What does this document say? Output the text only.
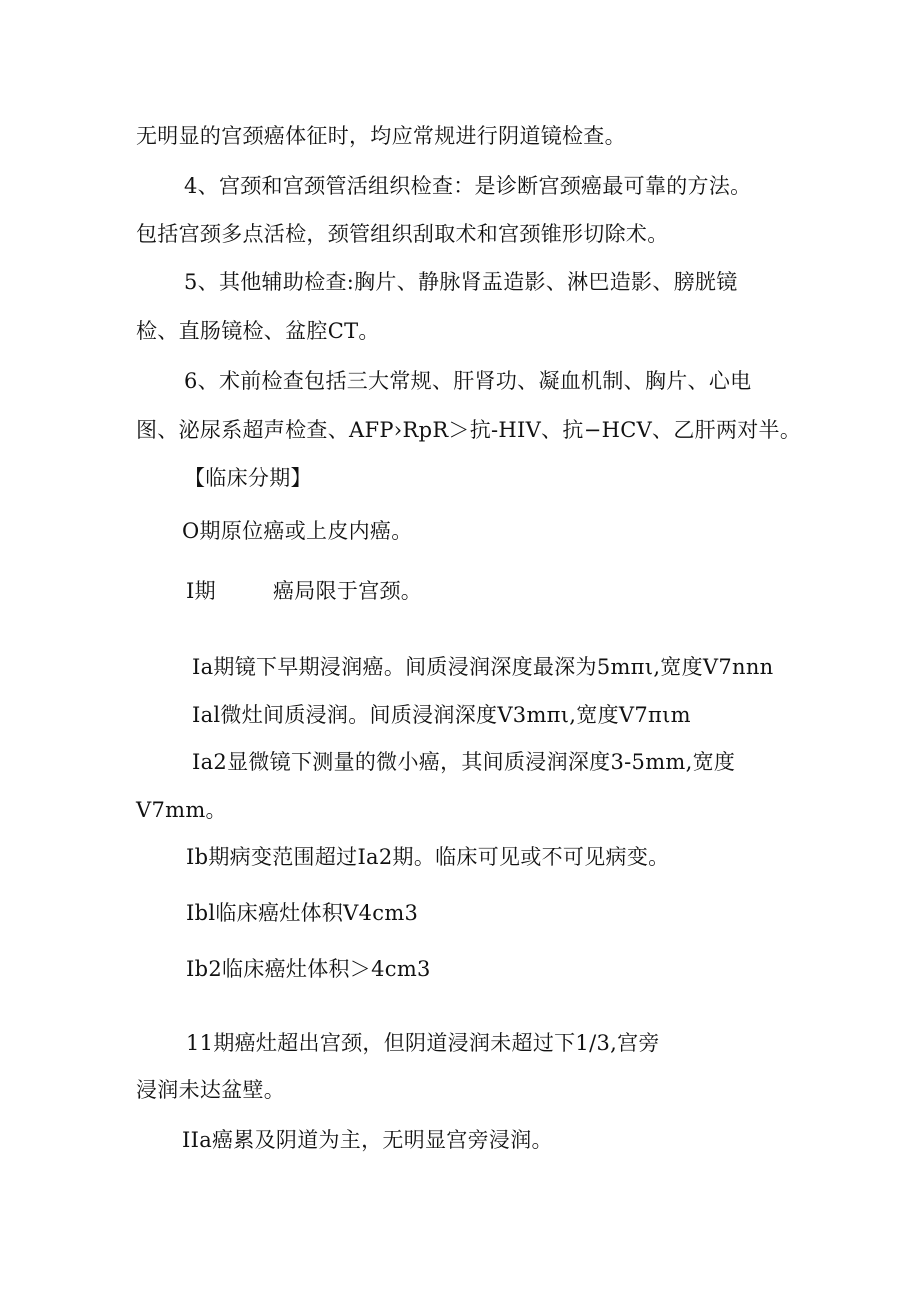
无明显的宫颈癌体征时，均应常规进行阴道镜检查。
4、宫颈和宫颈管活组织检查：是诊断宫颈癌最可靠的方法。
包括宫颈多点活检，颈管组织刮取术和宫颈锥形切除术。
5、其他辅助检查:胸片、静脉肾盂造影、淋巴造影、膀胱镜
检、直肠镜检、盆腔CT。
6、术前检查包括三大常规、肝肾功、凝血机制、胸片、心电
图、泌尿系超声检查、AFP›RpR＞抗-HIV、抗−HCV、乙肝两对半。
【临床分期】
O期原位癌或上皮内癌。
I期	癌局限于宫颈。
Ia期镜下早期浸润癌。间质浸润深度最深为5mπι,宽度V7nnn
Ial微灶间质浸润。间质浸润深度V3mπι,宽度V7πιm
Ia2显微镜下测量的微小癌，其间质浸润深度3-5mm,宽度
V7mm。
Ib期病变范围超过Ia2期。临床可见或不可见病变。
Ibl临床癌灶体积V4cm3
Ib2临床癌灶体积＞4cm3
11期癌灶超出宫颈，但阴道浸润未超过下1/3,宫旁
浸润未达盆壁。
IIa癌累及阴道为主，无明显宫旁浸润。
